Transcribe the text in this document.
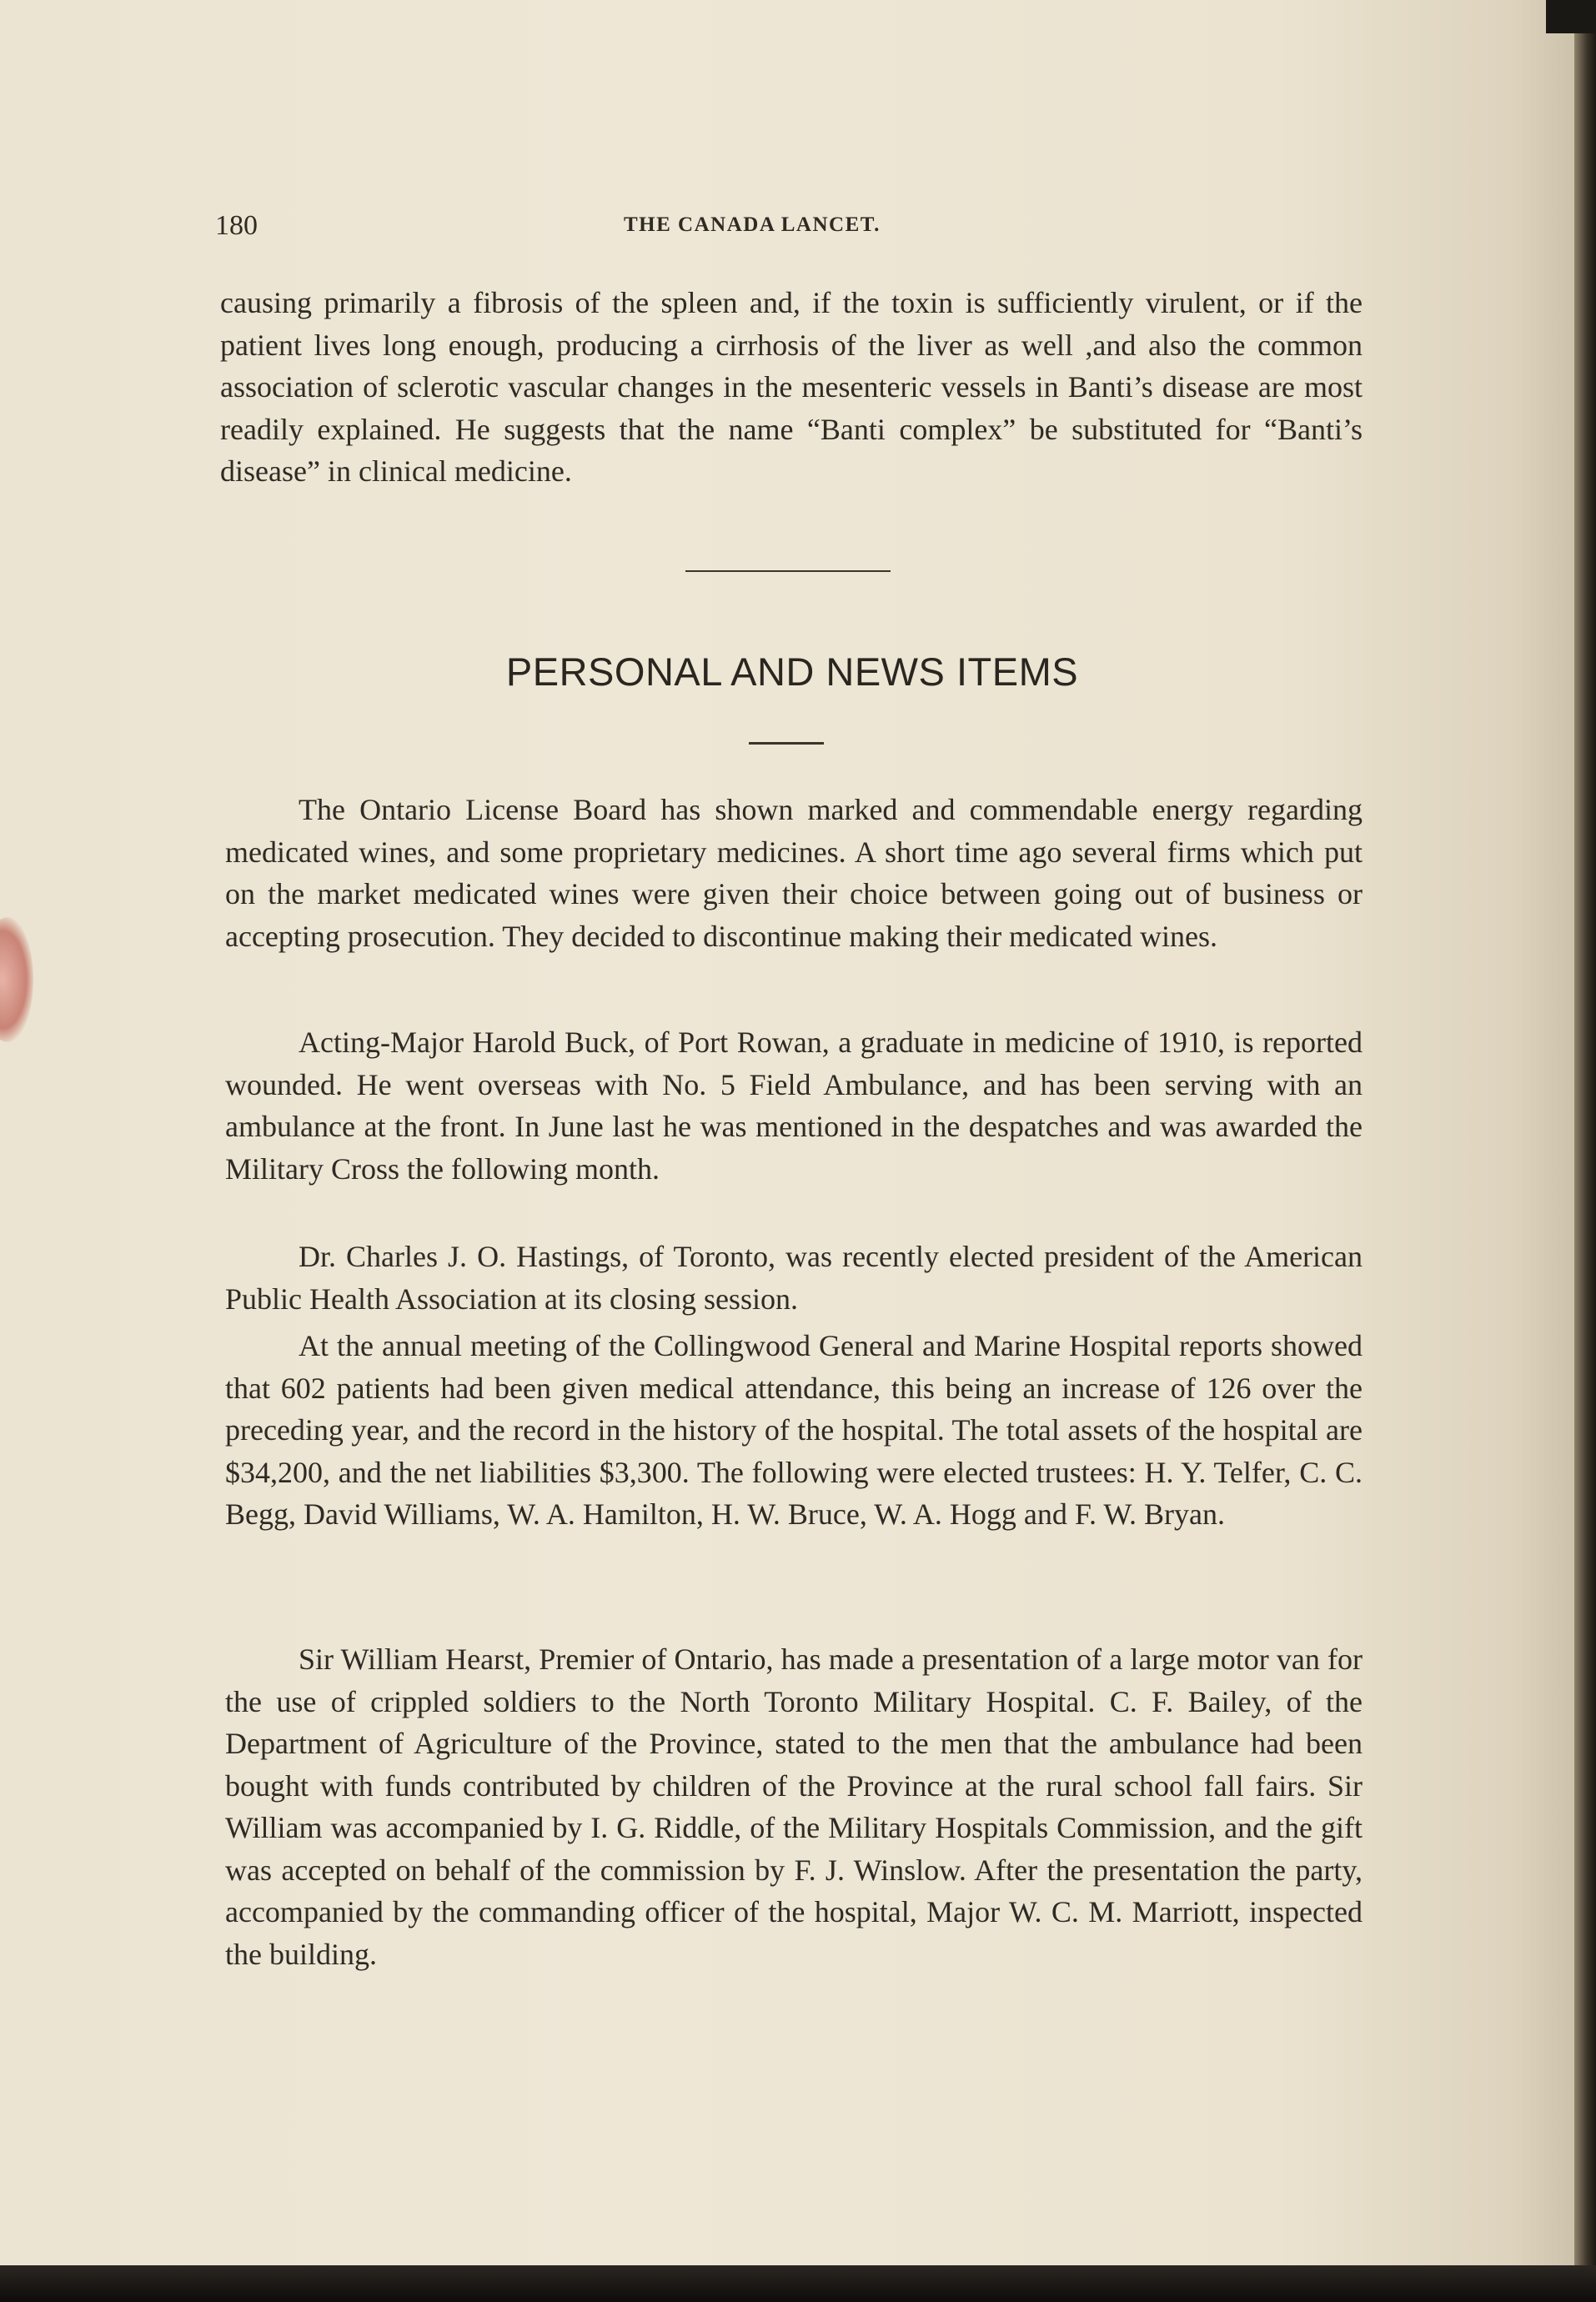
180	THE CANADA LANCET.

causing primarily a fibrosis of the spleen and, if the toxin is sufficiently virulent, or if the patient lives long enough, producing a cirrhosis of the liver as well ,and also the common association of sclerotic vascular changes in the mesenteric vessels in Banti’s disease are most readily explained. He suggests that the name “Banti complex” be substituted for “Banti’s disease” in clinical medicine.

PERSONAL AND NEWS ITEMS

The Ontario License Board has shown marked and commendable energy regarding medicated wines, and some proprietary medicines. A short time ago several firms which put on the market medicated wines were given their choice between going out of business or accepting prosecution. They decided to discontinue making their medicated wines.

Acting-Major Harold Buck, of Port Rowan, a graduate in medicine of 1910, is reported wounded. He went overseas with No. 5 Field Ambulance, and has been serving with an ambulance at the front. In June last he was mentioned in the despatches and was awarded the Military Cross the following month.

Dr. Charles J. O. Hastings, of Toronto, was recently elected president of the American Public Health Association at its closing session.

At the annual meeting of the Collingwood General and Marine Hospital reports showed that 602 patients had been given medical attendance, this being an increase of 126 over the preceding year, and the record in the history of the hospital. The total assets of the hospital are $34,200, and the net liabilities $3,300. The following were elected trustees: H. Y. Telfer, C. C. Begg, David Williams, W. A. Hamilton, H. W. Bruce, W. A. Hogg and F. W. Bryan.

Sir William Hearst, Premier of Ontario, has made a presentation of a large motor van for the use of crippled soldiers to the North Toronto Military Hospital. C. F. Bailey, of the Department of Agriculture of the Province, stated to the men that the ambulance had been bought with funds contributed by children of the Province at the rural school fall fairs. Sir William was accompanied by I. G. Riddle, of the Military Hospitals Commission, and the gift was accepted on behalf of the commission by F. J. Winslow. After the presentation the party, accompanied by the commanding officer of the hospital, Major W. C. M. Marriott, inspected the building.
